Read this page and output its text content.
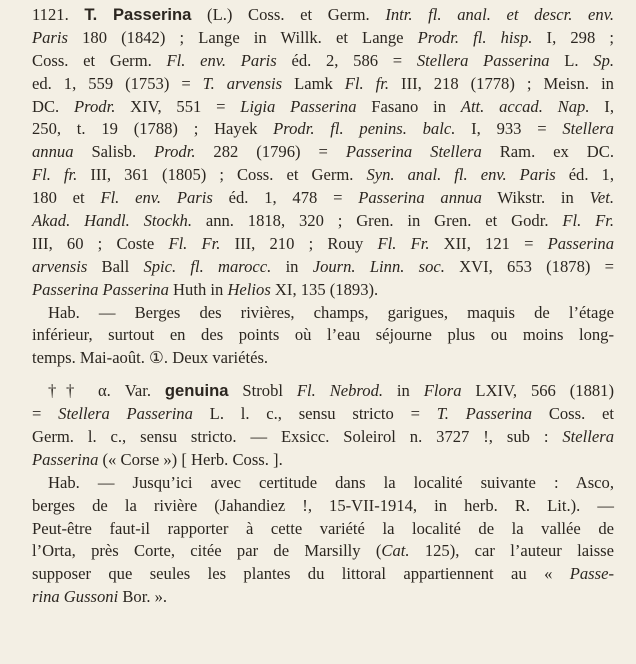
1121. T. Passerina (L.) Coss. et Germ. Intr. fl. anal. et descr. env.
Paris 180 (1842) ; Lange in Willk. et Lange Prodr. fl. hisp. I, 298 ;
Coss. et Germ. Fl. env. Paris éd. 2, 586 = Stellera Passerina L. Sp.
ed. 1, 559 (1753) = T. arvensis Lamk Fl. fr. III, 218 (1778) ; Meisn. in
DC. Prodr. XIV, 551 = Ligia Passerina Fasano in Att. accad. Nap. I,
250, t. 19 (1788) ; Hayek Prodr. fl. penins. balc. I, 933 = Stellera
annua Salisb. Prodr. 282 (1796) = Passerina Stellera Ram. ex DC.
Fl. fr. III, 361 (1805) ; Coss. et Germ. Syn. anal. fl. env. Paris éd. 1,
180 et Fl. env. Paris éd. 1, 478 = Passerina annua Wikstr. in Vet.
Akad. Handl. Stockh. ann. 1818, 320 ; Gren. in Gren. et Godr. Fl. Fr.
III, 60 ; Coste Fl. Fr. III, 210 ; Rouy Fl. Fr. XII, 121 = Passerina
arvensis Ball Spic. fl. marocc. in Journ. Linn. soc. XVI, 653 (1878) =
Passerina Passerina Huth in Helios XI, 135 (1893).
Hab. — Berges des rivières, champs, garigues, maquis de l’étage
inférieur, surtout en des points où l’eau séjourne plus ou moins long-
temps. Mai-août. ①. Deux variétés.
†† α. Var. genuina Strobl Fl. Nebrod. in Flora LXIV, 566 (1881)
= Stellera Passerina L. l. c., sensu stricto = T. Passerina Coss. et
Germ. l. c., sensu stricto. — Exsicc. Soleirol n. 3727 !, sub : Stellera
Passerina (« Corse ») [ Herb. Coss. ].
Hab. — Jusqu’ici avec certitude dans la localité suivante : Asco,
berges de la rivière (Jahandiez !, 15-VII-1914, in herb. R. Lit.). —
Peut-être faut-il rapporter à cette variété la localité de la vallée de
l’Orta, près Corte, citée par de Marsilly (Cat. 125), car l’auteur laisse
supposer que seules les plantes du littoral appartiennent au « Passe-
rina Gussoni Bor. ».
